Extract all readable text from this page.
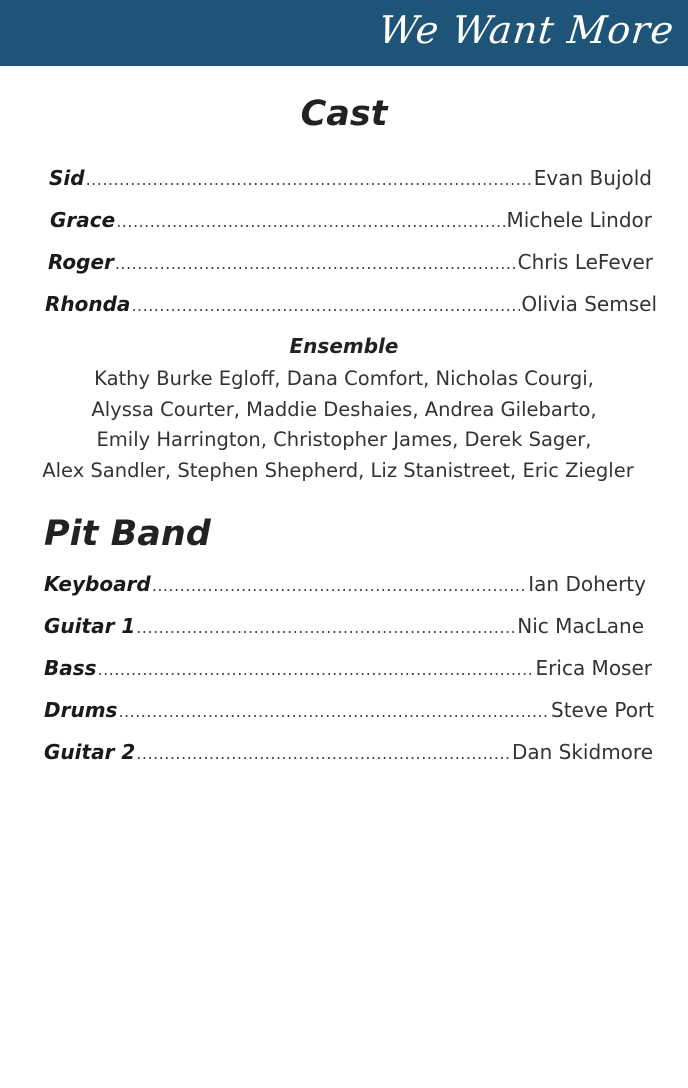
We Want More
Cast
Sid .....	Evan Bujold
Grace .....	Michele Lindor
Roger .....	Chris LeFever
Rhonda .....	Olivia Semsel
Ensemble
Kathy Burke Egloff, Dana Comfort, Nicholas Courgi,
Alyssa Courter, Maddie Deshaies, Andrea Gilebarto,
Emily Harrington, Christopher James, Derek Sager,
Alex Sandler, Stephen Shepherd, Liz Stanistreet, Eric Ziegler
Pit Band
Keyboard .....	Ian Doherty
Guitar 1 .....	Nic MacLane
Bass .....	Erica Moser
Drums .....	Steve Port
Guitar 2 .....	Dan Skidmore
